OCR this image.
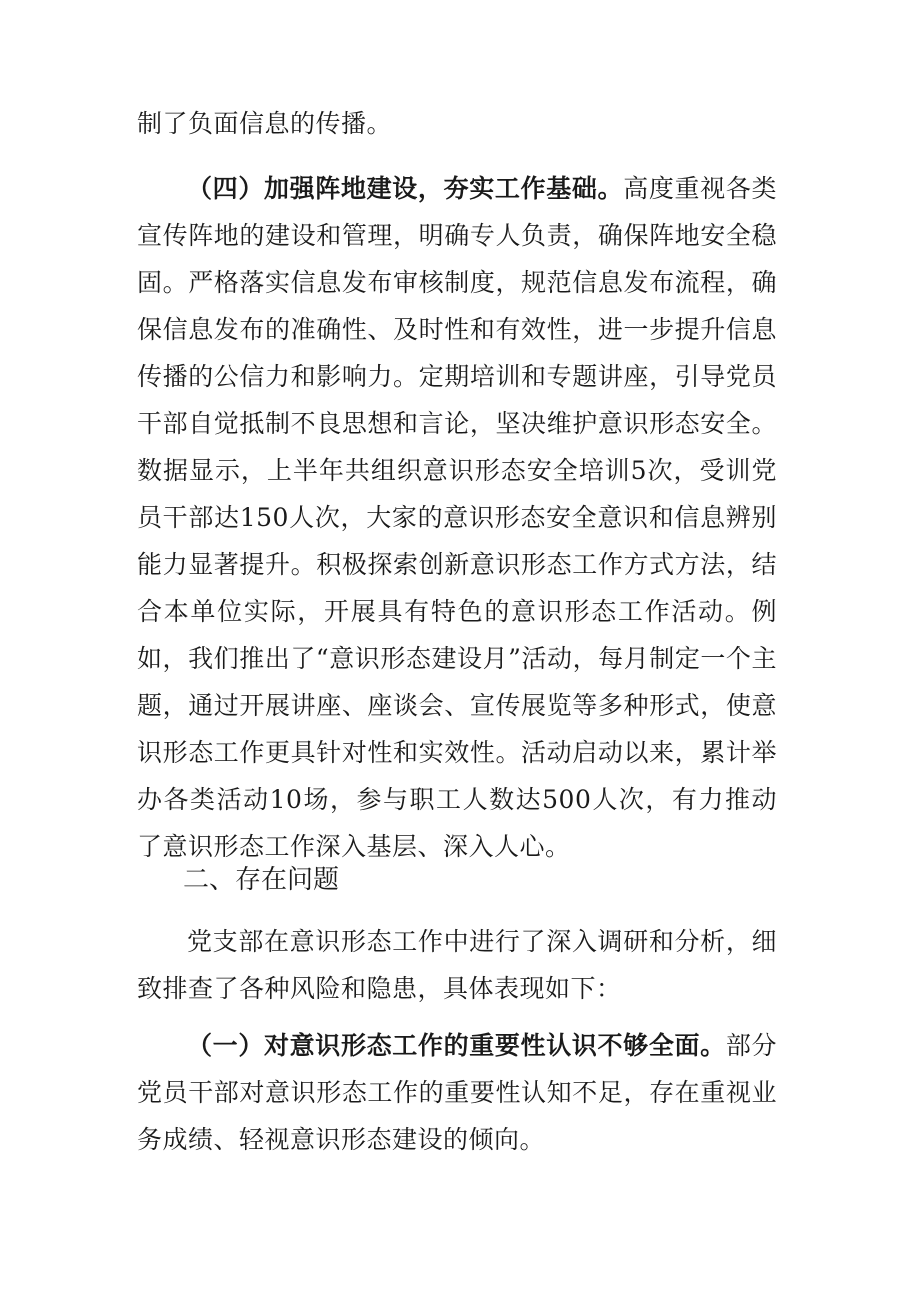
制了负面信息的传播。

（四）加强阵地建设，夯实工作基础。高度重视各类宣传阵地的建设和管理，明确专人负责，确保阵地安全稳固。严格落实信息发布审核制度，规范信息发布流程，确保信息发布的准确性、及时性和有效性，进一步提升信息传播的公信力和影响力。定期培训和专题讲座，引导党员干部自觉抵制不良思想和言论，坚决维护意识形态安全。数据显示，上半年共组织意识形态安全培训5次，受训党员干部达150人次，大家的意识形态安全意识和信息辨别能力显著提升。积极探索创新意识形态工作方式方法，结合本单位实际，开展具有特色的意识形态工作活动。例如，我们推出了“意识形态建设月”活动，每月制定一个主题，通过开展讲座、座谈会、宣传展览等多种形式，使意识形态工作更具针对性和实效性。活动启动以来，累计举办各类活动10场，参与职工人数达500人次，有力推动了意识形态工作深入基层、深入人心。

二、存在问题

党支部在意识形态工作中进行了深入调研和分析，细致排查了各种风险和隐患，具体表现如下：

（一）对意识形态工作的重要性认识不够全面。部分党员干部对意识形态工作的重要性认知不足，存在重视业务成绩、轻视意识形态建设的倾向。
